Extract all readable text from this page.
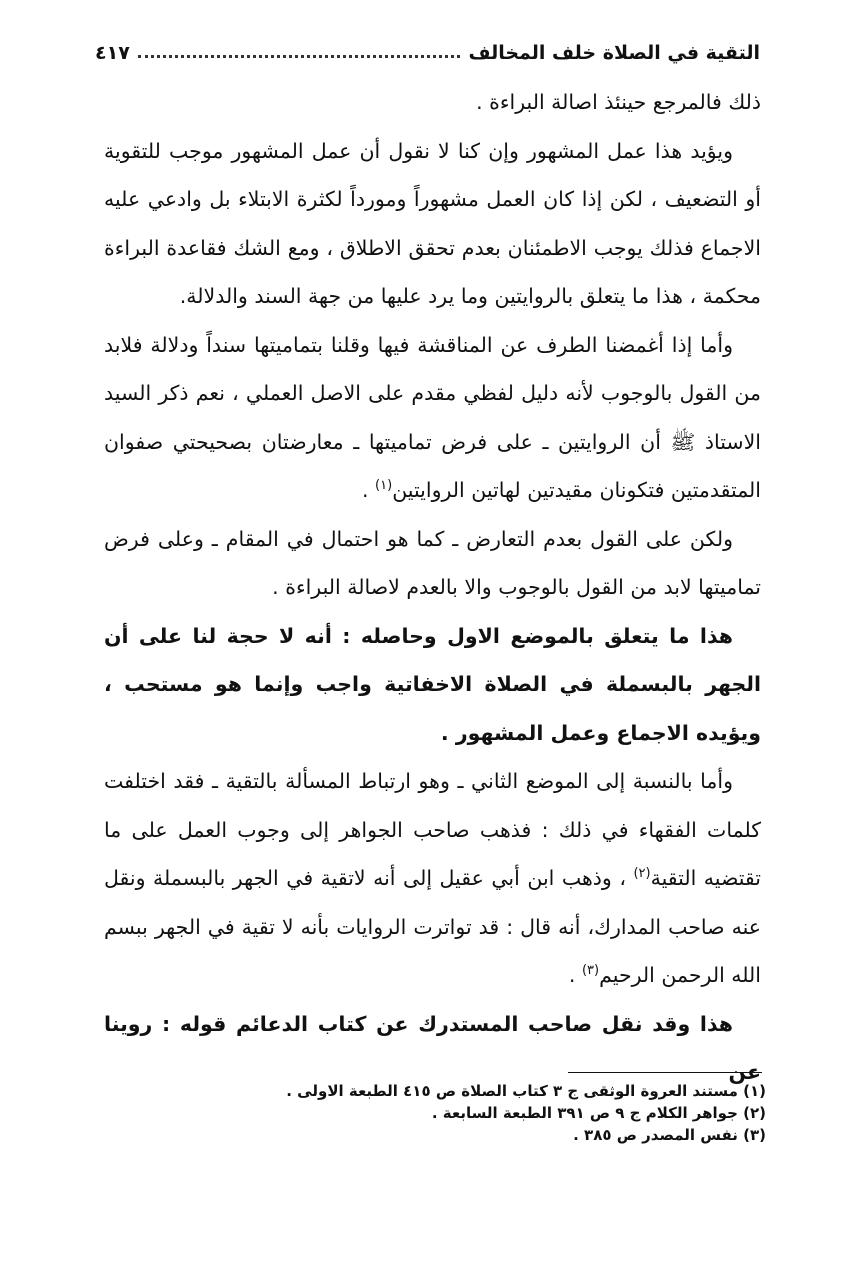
التقية في الصلاة خلف المخالف
٤١٧

ذلك فالمرجع حينئذ اصالة البراءة .

ويؤيد هذا عمل المشهور وإن كنا لا نقول أن عمل المشهور موجب للتقوية أو التضعيف ، لكن إذا كان العمل مشهوراً ومورداً لكثرة الابتلاء بل وادعي عليه الاجماع فذلك يوجب الاطمئنان بعدم تحقق الاطلاق ، ومع الشك فقاعدة البراءة محكمة ، هذا ما يتعلق بالروايتين وما يرد عليها من جهة السند والدلالة.

وأما إذا أغمضنا الطرف عن المناقشة فيها وقلنا بتماميتها سنداً ودلالة فلابد من القول بالوجوب لأنه دليل لفظي مقدم على الاصل العملي ، نعم ذكر السيد الاستاذ ﷺ أن الروايتين ـ على فرض تماميتها ـ معارضتان بصحيحتي صفوان المتقدمتين فتكونان مقيدتين لهاتين الروايتين$^{(١)}$ .

ولكن على القول بعدم التعارض ـ كما هو احتمال في المقام ـ وعلى فرض تماميتها لابد من القول بالوجوب والا بالعدم لاصالة البراءة .

هذا ما يتعلق بالموضع الاول وحاصله : أنه لا حجة لنا على أن الجهر بالبسملة في الصلاة الاخفاتية واجب وإنما هو مستحب ، ويؤيده الاجماع وعمل المشهور .

وأما بالنسبة إلى الموضع الثاني ـ وهو ارتباط المسألة بالتقية ـ فقد اختلفت كلمات الفقهاء في ذلك : فذهب صاحب الجواهر إلى وجوب العمل على ما تقتضيه التقية$^{(٢)}$ ، وذهب ابن أبي عقيل إلى أنه لاتقية في الجهر بالبسملة ونقل عنه صاحب المدارك، أنه قال : قد تواترت الروايات بأنه لا تقية في الجهر ببسم الله الرحمن الرحيم$^{(٣)}$ .

هذا وقد نقل صاحب المستدرك عن كتاب الدعائم قوله : روينا عن

(١) مستند العروة الوثقى ج ٣ كتاب الصلاة ص ٤١٥ الطبعة الاولى .
(٢) جواهر الكلام ج ٩ ص ٣٩١ الطبعة السابعة .
(٣) نفس المصدر ص ٣٨٥ .
